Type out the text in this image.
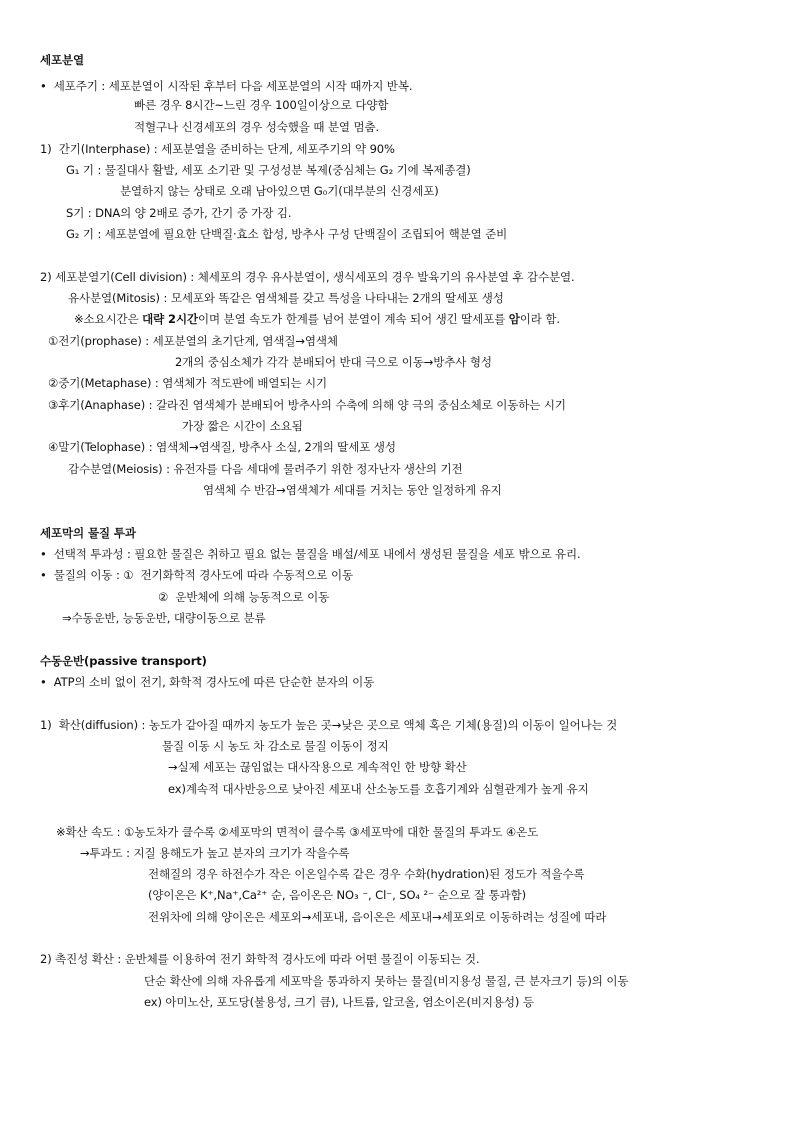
세포분열
•  세포주기 : 세포분열이 시작된 후부터 다음 세포분열의 시작 때까지 반복.
빠른 경우 8시간~느린 경우 100일이상으로 다양함
적혈구나 신경세포의 경우 성숙했을 때 분열 멈춤.
1)  간기(Interphase) : 세포분열을 준비하는 단계, 세포주기의 약 90%
G₁ 기 : 물질대사 활발, 세포 소기관 및 구성성분 복제(중심체는 G₂ 기에 복제종결)
분열하지 않는 상태로 오래 남아있으면 G₀기(대부분의 신경세포)
S기 : DNA의 양 2배로 증가, 간기 중 가장 김.
G₂ 기 : 세포분열에 필요한 단백질·효소 합성, 방추사 구성 단백질이 조립되어 핵분열 준비
2) 세포분열기(Cell division) : 체세포의 경우 유사분열이, 생식세포의 경우 발육기의 유사분열 후 감수분열.
유사분열(Mitosis) : 모세포와 똑같은 염색체를 갖고 특성을 나타내는 2개의 딸세포 생성
※소요시간은 대략 2시간이며 분열 속도가 한계를 넘어 분열이 계속 되어 생긴 딸세포를 암이라 함.
①전기(prophase) : 세포분열의 초기단계, 염색질→염색체
2개의 중심소체가 각각 분배되어 반대 극으로 이동→방추사 형성
②중기(Metaphase) : 염색체가 적도판에 배열되는 시기
③후기(Anaphase) : 갈라진 염색체가 분배되어 방추사의 수축에 의해 양 극의 중심소체로 이동하는 시기
가장 짧은 시간이 소요됨
④말기(Telophase) : 염색체→염색질, 방추사 소실, 2개의 딸세포 생성
감수분열(Meiosis) : 유전자를 다음 세대에 물려주기 위한 정자난자 생산의 기전
염색체 수 반감→염색체가 세대를 거치는 동안 일정하게 유지
세포막의 물질 투과
•  선택적 투과성 : 필요한 물질은 취하고 필요 없는 물질을 배설/세포 내에서 생성된 물질을 세포 밖으로 유리.
•  물질의 이동 : ①  전기화학적 경사도에 따라 수동적으로 이동
②  운반체에 의해 능동적으로 이동
⇒수동운반, 능동운반, 대량이동으로 분류
수동운반(passive transport)
•  ATP의 소비 없이 전기, 화학적 경사도에 따른 단순한 분자의 이동
1)  확산(diffusion) : 농도가 같아질 때까지 농도가 높은 곳→낮은 곳으로 액체 혹은 기체(용질)의 이동이 일어나는 것
물질 이동 시 농도 차 감소로 물질 이동이 정지
→실제 세포는 끊임없는 대사작용으로 계속적인 한 방향 확산
ex)계속적 대사반응으로 낮아진 세포내 산소농도를 호흡기계와 심혈관계가 높게 유지
※확산 속도 : ①농도차가 클수록 ②세포막의 면적이 클수록 ③세포막에 대한 물질의 투과도 ④온도
→투과도 : 지질 용해도가 높고 분자의 크기가 작을수록
전해질의 경우 하전수가 작은 이온일수록 같은 경우 수화(hydration)된 정도가 적을수록
(양이온은 K⁺,Na⁺,Ca²⁺ 순, 음이온은 NO₃ ⁻, Cl⁻, SO₄ ²⁻ 순으로 잘 통과함)
전위차에 의해 양이온은 세포외→세포내, 음이온은 세포내→세포외로 이동하려는 성질에 따라
2) 촉진성 확산 : 운반체를 이용하여 전기 화학적 경사도에 따라 어떤 물질이 이동되는 것.
단순 확산에 의해 자유롭게 세포막을 통과하지 못하는 물질(비지용성 물질, 큰 분자크기 등)의 이동
ex) 아미노산, 포도당(불용성, 크기 큼), 나트륨, 알코올, 염소이온(비지용성) 등
